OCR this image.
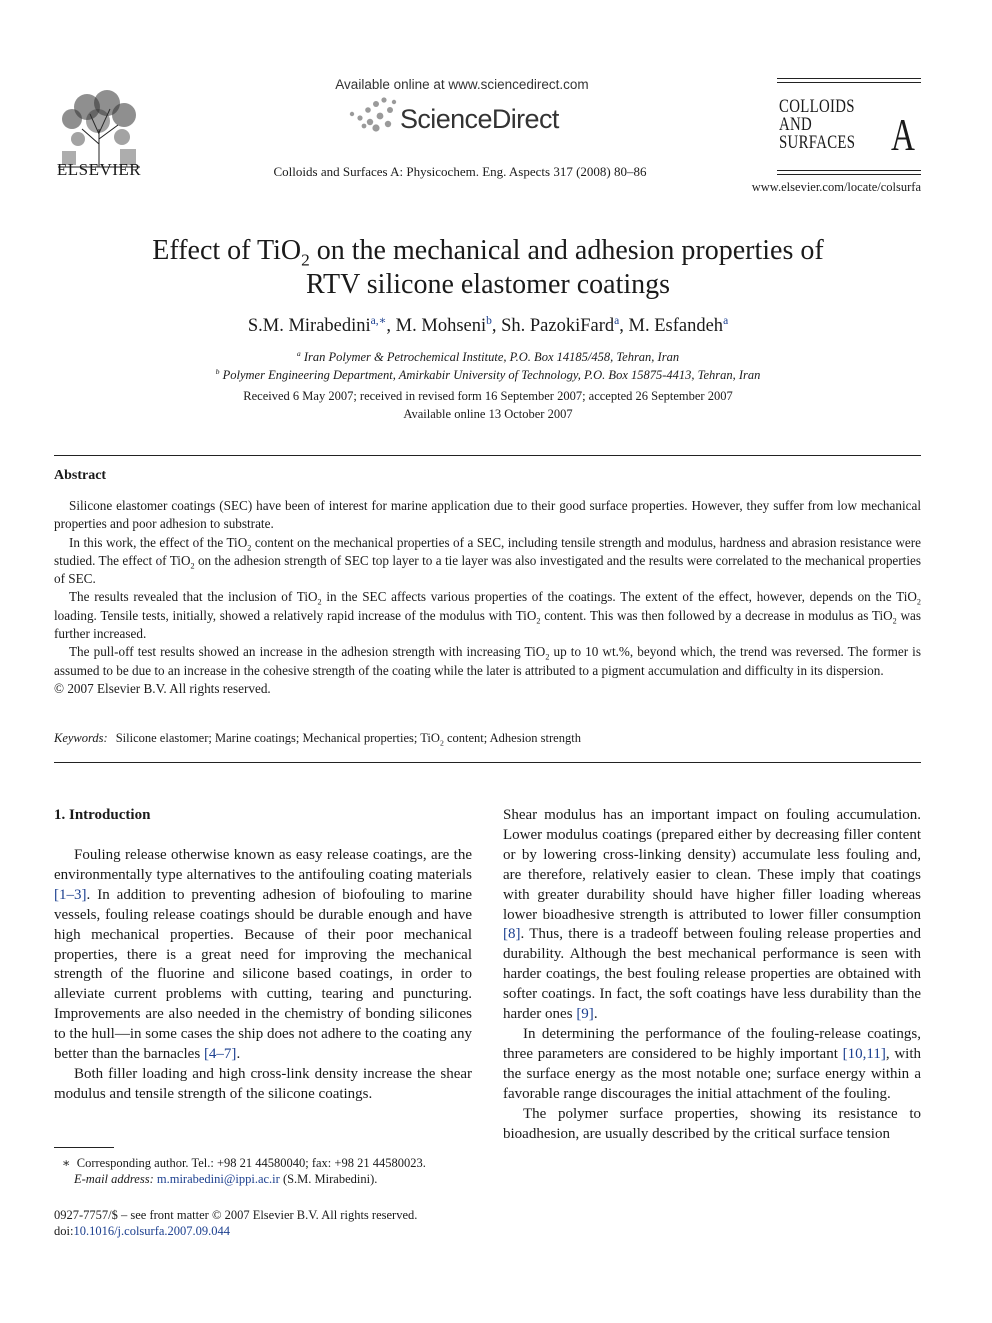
ELSEVIER
Available online at www.sciencedirect.com
ScienceDirect
Colloids and Surfaces A: Physicochem. Eng. Aspects 317 (2008) 80–86
COLLOIDS
AND
SURFACES A
www.elsevier.com/locate/colsurfa
Effect of TiO$_2$ on the mechanical and adhesion properties of
RTV silicone elastomer coatings
S.M. Mirabedini$^{a,∗}$, M. Mohseni$^b$, Sh. PazokiFard$^a$, M. Esfandeh$^a$
$^a$ Iran Polymer & Petrochemical Institute, P.O. Box 14185/458, Tehran, Iran
$^b$ Polymer Engineering Department, Amirkabir University of Technology, P.O. Box 15875-4413, Tehran, Iran
Received 6 May 2007; received in revised form 16 September 2007; accepted 26 September 2007
Available online 13 October 2007
Abstract

Silicone elastomer coatings (SEC) have been of interest for marine application due to their good surface properties. However, they suffer from low mechanical properties and poor adhesion to substrate.

In this work, the effect of the TiO$_2$ content on the mechanical properties of a SEC, including tensile strength and modulus, hardness and abrasion resistance were studied. The effect of TiO$_2$ on the adhesion strength of SEC top layer to a tie layer was also investigated and the results were correlated to the mechanical properties of SEC.

The results revealed that the inclusion of TiO$_2$ in the SEC affects various properties of the coatings. The extent of the effect, however, depends on the TiO$_2$ loading. Tensile tests, initially, showed a relatively rapid increase of the modulus with TiO$_2$ content. This was then followed by a decrease in modulus as TiO$_2$ was further increased.

The pull-off test results showed an increase in the adhesion strength with increasing TiO$_2$ up to 10 wt.%, beyond which, the trend was reversed. The former is assumed to be due to an increase in the cohesive strength of the coating while the later is attributed to a pigment accumulation and difficulty in its dispersion.

© 2007 Elsevier B.V. All rights reserved.

Keywords: Silicone elastomer; Marine coatings; Mechanical properties; TiO$_2$ content; Adhesion strength
1. Introduction

Fouling release otherwise known as easy release coatings, are the environmentally type alternatives to the antifouling coating materials [1–3]. In addition to preventing adhesion of biofouling to marine vessels, fouling release coatings should be durable enough and have high mechanical properties. Because of their poor mechanical properties, there is a great need for improving the mechanical strength of the fluorine and silicone based coatings, in order to alleviate current problems with cutting, tearing and puncturing. Improvements are also needed in the chemistry of bonding silicones to the hull—in some cases the ship does not adhere to the coating any better than the barnacles [4–7].

Both filler loading and high cross-link density increase the shear modulus and tensile strength of the silicone coatings.

Shear modulus has an important impact on fouling accumulation. Lower modulus coatings (prepared either by decreasing filler content or by lowering cross-linking density) accumulate less fouling and, are therefore, relatively easier to clean. These imply that coatings with greater durability should have higher filler loading whereas lower bioadhesive strength is attributed to lower filler consumption [8]. Thus, there is a tradeoff between fouling release properties and durability. Although the best mechanical performance is seen with harder coatings, the best fouling release properties are obtained with softer coatings. In fact, the soft coatings have less durability than the harder ones [9].

In determining the performance of the fouling-release coatings, three parameters are considered to be highly important [10,11], with the surface energy as the most notable one; surface energy within a favorable range discourages the initial attachment of the fouling.

The polymer surface properties, showing its resistance to bioadhesion, are usually described by the critical surface tension

∗ Corresponding author. Tel.: +98 21 44580040; fax: +98 21 44580023.
E-mail address: m.mirabedini@ippi.ac.ir (S.M. Mirabedini).
0927-7757/$ – see front matter © 2007 Elsevier B.V. All rights reserved.
doi:10.1016/j.colsurfa.2007.09.044
